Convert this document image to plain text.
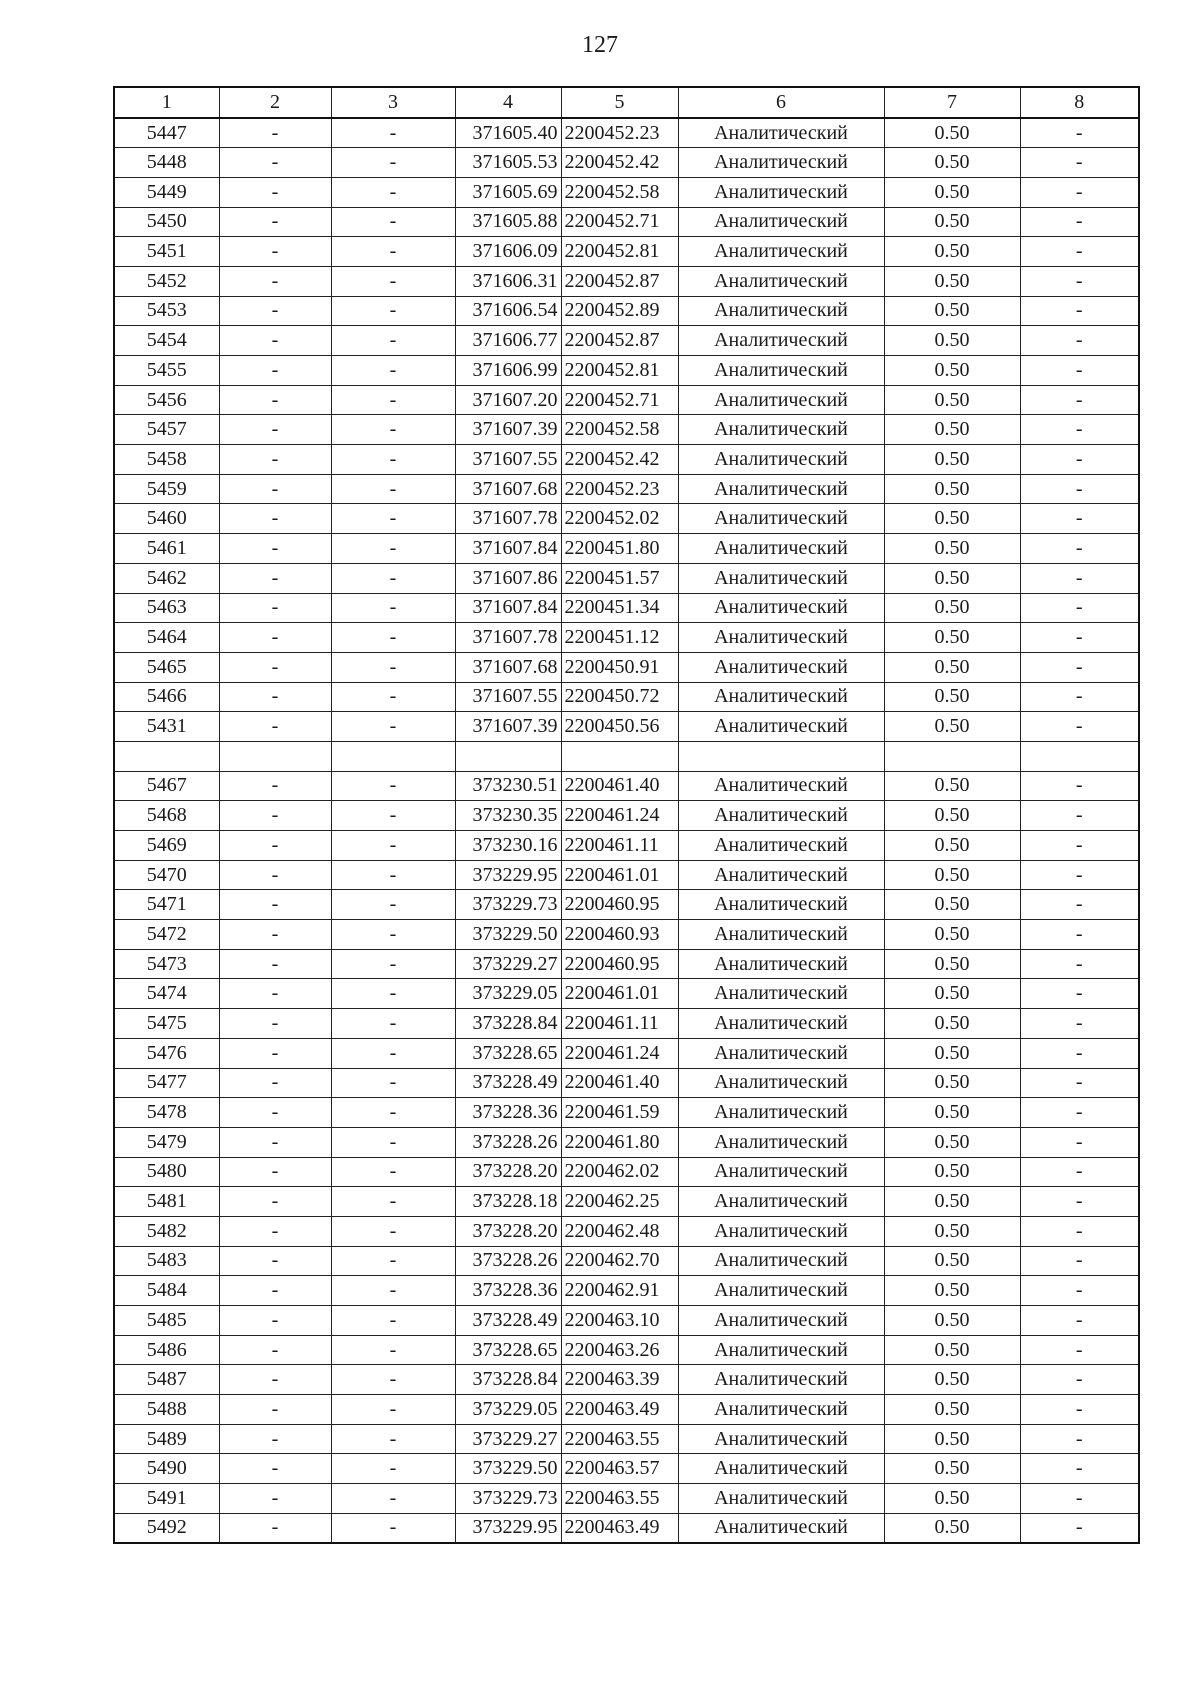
127
1	2	3	4	5	6	7	8
5447	-	-	371605.40	2200452.23	Аналитический	0.50	-
5448	-	-	371605.53	2200452.42	Аналитический	0.50	-
5449	-	-	371605.69	2200452.58	Аналитический	0.50	-
5450	-	-	371605.88	2200452.71	Аналитический	0.50	-
5451	-	-	371606.09	2200452.81	Аналитический	0.50	-
5452	-	-	371606.31	2200452.87	Аналитический	0.50	-
5453	-	-	371606.54	2200452.89	Аналитический	0.50	-
5454	-	-	371606.77	2200452.87	Аналитический	0.50	-
5455	-	-	371606.99	2200452.81	Аналитический	0.50	-
5456	-	-	371607.20	2200452.71	Аналитический	0.50	-
5457	-	-	371607.39	2200452.58	Аналитический	0.50	-
5458	-	-	371607.55	2200452.42	Аналитический	0.50	-
5459	-	-	371607.68	2200452.23	Аналитический	0.50	-
5460	-	-	371607.78	2200452.02	Аналитический	0.50	-
5461	-	-	371607.84	2200451.80	Аналитический	0.50	-
5462	-	-	371607.86	2200451.57	Аналитический	0.50	-
5463	-	-	371607.84	2200451.34	Аналитический	0.50	-
5464	-	-	371607.78	2200451.12	Аналитический	0.50	-
5465	-	-	371607.68	2200450.91	Аналитический	0.50	-
5466	-	-	371607.55	2200450.72	Аналитический	0.50	-
5431	-	-	371607.39	2200450.56	Аналитический	0.50	-

5467	-	-	373230.51	2200461.40	Аналитический	0.50	-
5468	-	-	373230.35	2200461.24	Аналитический	0.50	-
5469	-	-	373230.16	2200461.11	Аналитический	0.50	-
5470	-	-	373229.95	2200461.01	Аналитический	0.50	-
5471	-	-	373229.73	2200460.95	Аналитический	0.50	-
5472	-	-	373229.50	2200460.93	Аналитический	0.50	-
5473	-	-	373229.27	2200460.95	Аналитический	0.50	-
5474	-	-	373229.05	2200461.01	Аналитический	0.50	-
5475	-	-	373228.84	2200461.11	Аналитический	0.50	-
5476	-	-	373228.65	2200461.24	Аналитический	0.50	-
5477	-	-	373228.49	2200461.40	Аналитический	0.50	-
5478	-	-	373228.36	2200461.59	Аналитический	0.50	-
5479	-	-	373228.26	2200461.80	Аналитический	0.50	-
5480	-	-	373228.20	2200462.02	Аналитический	0.50	-
5481	-	-	373228.18	2200462.25	Аналитический	0.50	-
5482	-	-	373228.20	2200462.48	Аналитический	0.50	-
5483	-	-	373228.26	2200462.70	Аналитический	0.50	-
5484	-	-	373228.36	2200462.91	Аналитический	0.50	-
5485	-	-	373228.49	2200463.10	Аналитический	0.50	-
5486	-	-	373228.65	2200463.26	Аналитический	0.50	-
5487	-	-	373228.84	2200463.39	Аналитический	0.50	-
5488	-	-	373229.05	2200463.49	Аналитический	0.50	-
5489	-	-	373229.27	2200463.55	Аналитический	0.50	-
5490	-	-	373229.50	2200463.57	Аналитический	0.50	-
5491	-	-	373229.73	2200463.55	Аналитический	0.50	-
5492	-	-	373229.95	2200463.49	Аналитический	0.50	-
